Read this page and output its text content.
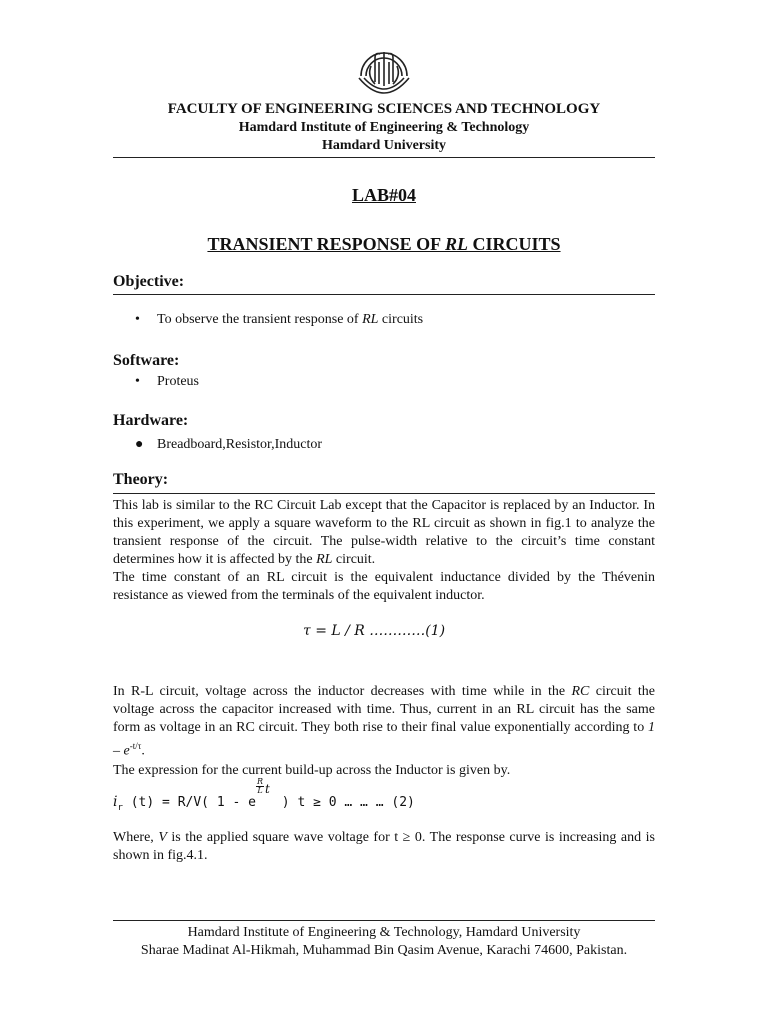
FACULTY OF ENGINEERING SCIENCES AND TECHNOLOGY
Hamdard Institute of Engineering & Technology
Hamdard University
LAB#04
TRANSIENT RESPONSE OF RL CIRCUITS
Objective:
• To observe the transient response of RL circuits
Software:
• Proteus
Hardware:
● Breadboard,Resistor,Inductor
Theory:
This lab is similar to the RC Circuit Lab except that the Capacitor is replaced by an Inductor. In this experiment, we apply a square waveform to the RL circuit as shown in fig.1 to analyze the transient response of the circuit. The pulse-width relative to the circuit’s time constant determines how it is affected by the RL circuit.
The time constant of an RL circuit is the equivalent inductance divided by the Thévenin resistance as viewed from the terminals of the equivalent inductor.
τ = L / R …………(1)
In R-L circuit, voltage across the inductor decreases with time while in the RC circuit the voltage across the capacitor increased with time. Thus, current in an RL circuit has the same form as voltage in an RC circuit. They both rise to their final value exponentially according to $1 - e^{-t/\tau}$.
The expression for the current build-up across the Inductor is given by.
$i_r$ (t) = R/V( 1 - e
R
L t
) t ≥ 0 … … … (2)
Where, V is the applied square wave voltage for t ≥ 0. The response curve is increasing and is shown in fig.4.1.
Hamdard Institute of Engineering & Technology, Hamdard University
Sharae Madinat Al-Hikmah, Muhammad Bin Qasim Avenue, Karachi 74600, Pakistan.
